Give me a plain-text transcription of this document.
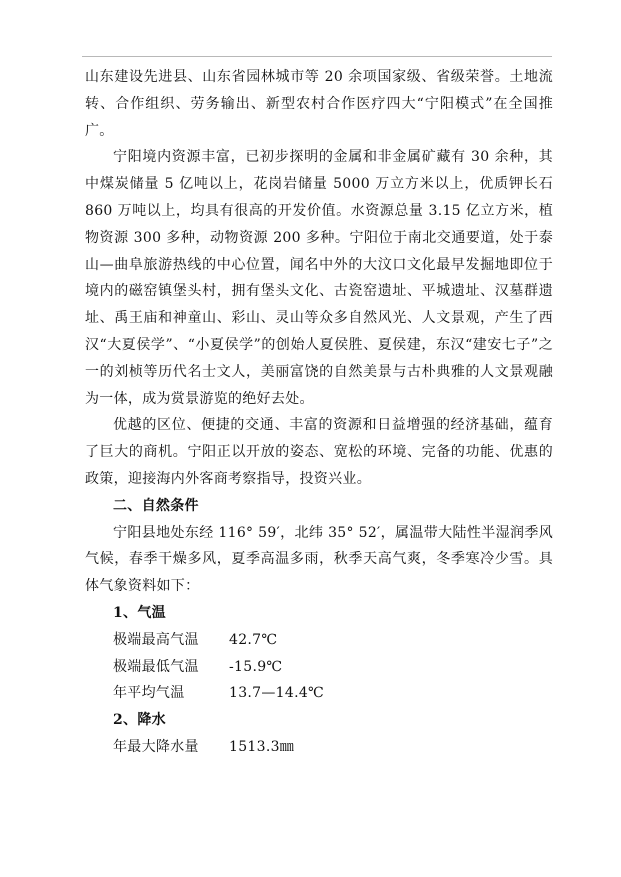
山东建设先进县、山东省园林城市等 20 余项国家级、省级荣誉。土地流转、合作组织、劳务输出、新型农村合作医疗四大“宁阳模式”在全国推广。

宁阳境内资源丰富，已初步探明的金属和非金属矿藏有 30 余种，其中煤炭储量 5 亿吨以上，花岗岩储量 5000 万立方米以上，优质钾长石 860 万吨以上，均具有很高的开发价值。水资源总量 3.15 亿立方米，植物资源 300 多种，动物资源 200 多种。宁阳位于南北交通要道，处于泰山—曲阜旅游热线的中心位置，闻名中外的大汶口文化最早发掘地即位于境内的磁窑镇堡头村，拥有堡头文化、古瓷窑遗址、平城遗址、汉墓群遗址、禹王庙和神童山、彩山、灵山等众多自然风光、人文景观，产生了西汉“大夏侯学”、“小夏侯学”的创始人夏侯胜、夏侯建，东汉“建安七子”之一的刘桢等历代名士文人，美丽富饶的自然美景与古朴典雅的人文景观融为一体，成为赏景游览的绝好去处。

优越的区位、便捷的交通、丰富的资源和日益增强的经济基础，蕴育了巨大的商机。宁阳正以开放的姿态、宽松的环境、完备的功能、优惠的政策，迎接海内外客商考察指导，投资兴业。

二、自然条件

宁阳县地处东经 116° 59′，北纬 35° 52′，属温带大陆性半湿润季风气候，春季干燥多风，夏季高温多雨，秋季天高气爽，冬季寒冷少雪。具体气象资料如下：

1、气温

极端最高气温	42.7℃
极端最低气温	-15.9℃
年平均气温	13.7—14.4℃

2、降水

年最大降水量	1513.3㎜
